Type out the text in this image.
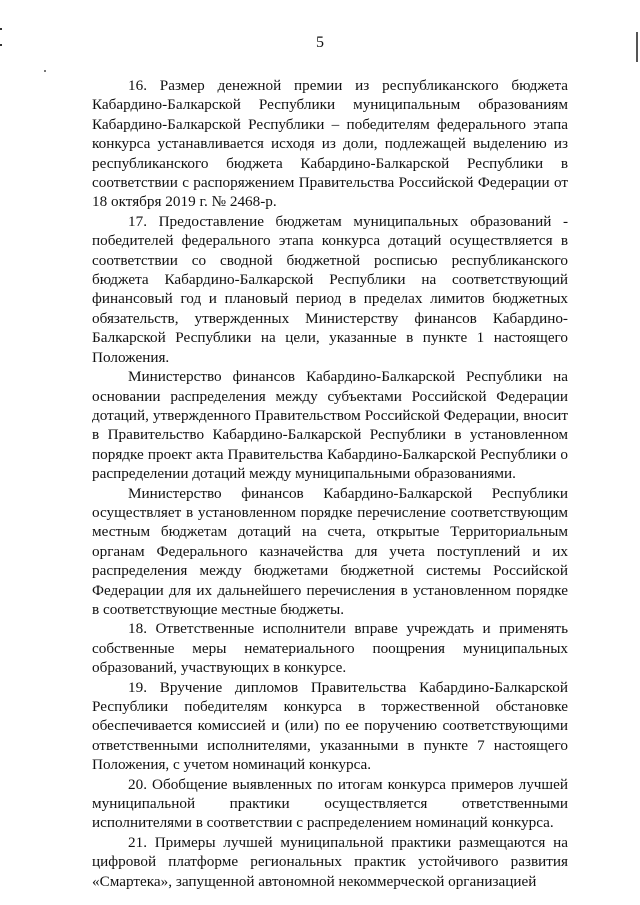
5

16. Размер денежной премии из республиканского бюджета Кабардино-Балкарской Республики муниципальным образованиям Кабардино-Балкарской Республики – победителям федерального этапа конкурса устанавливается исходя из доли, подлежащей выделению из республиканского бюджета Кабардино-Балкарской Республики в соответствии с распоряжением Правительства Российской Федерации от 18 октября 2019 г. № 2468-р.

17. Предоставление бюджетам муниципальных образований - победителей федерального этапа конкурса дотаций осуществляется в соответствии со сводной бюджетной росписью республиканского бюджета Кабардино-Балкарской Республики на соответствующий финансовый год и плановый период в пределах лимитов бюджетных обязательств, утвержденных Министерству финансов Кабардино-Балкарской Республики на цели, указанные в пункте 1 настоящего Положения.

Министерство финансов Кабардино-Балкарской Республики на основании распределения между субъектами Российской Федерации дотаций, утвержденного Правительством Российской Федерации, вносит в Правительство Кабардино-Балкарской Республики в установленном порядке проект акта Правительства Кабардино-Балкарской Республики о распределении дотаций между муниципальными образованиями.

Министерство финансов Кабардино-Балкарской Республики осуществляет в установленном порядке перечисление соответствующим местным бюджетам дотаций на счета, открытые Территориальным органам Федерального казначейства для учета поступлений и их распределения между бюджетами бюджетной системы Российской Федерации для их дальнейшего перечисления в установленном порядке в соответствующие местные бюджеты.

18. Ответственные исполнители вправе учреждать и применять собственные меры нематериального поощрения муниципальных образований, участвующих в конкурсе.

19. Вручение дипломов Правительства Кабардино-Балкарской Республики победителям конкурса в торжественной обстановке обеспечивается комиссией и (или) по ее поручению соответствующими ответственными исполнителями, указанными в пункте 7 настоящего Положения, с учетом номинаций конкурса.

20. Обобщение выявленных по итогам конкурса примеров лучшей муниципальной практики осуществляется ответственными исполнителями в соответствии с распределением номинаций конкурса.

21. Примеры лучшей муниципальной практики размещаются на цифровой платформе региональных практик устойчивого развития «Смартека», запущенной автономной некоммерческой организацией
